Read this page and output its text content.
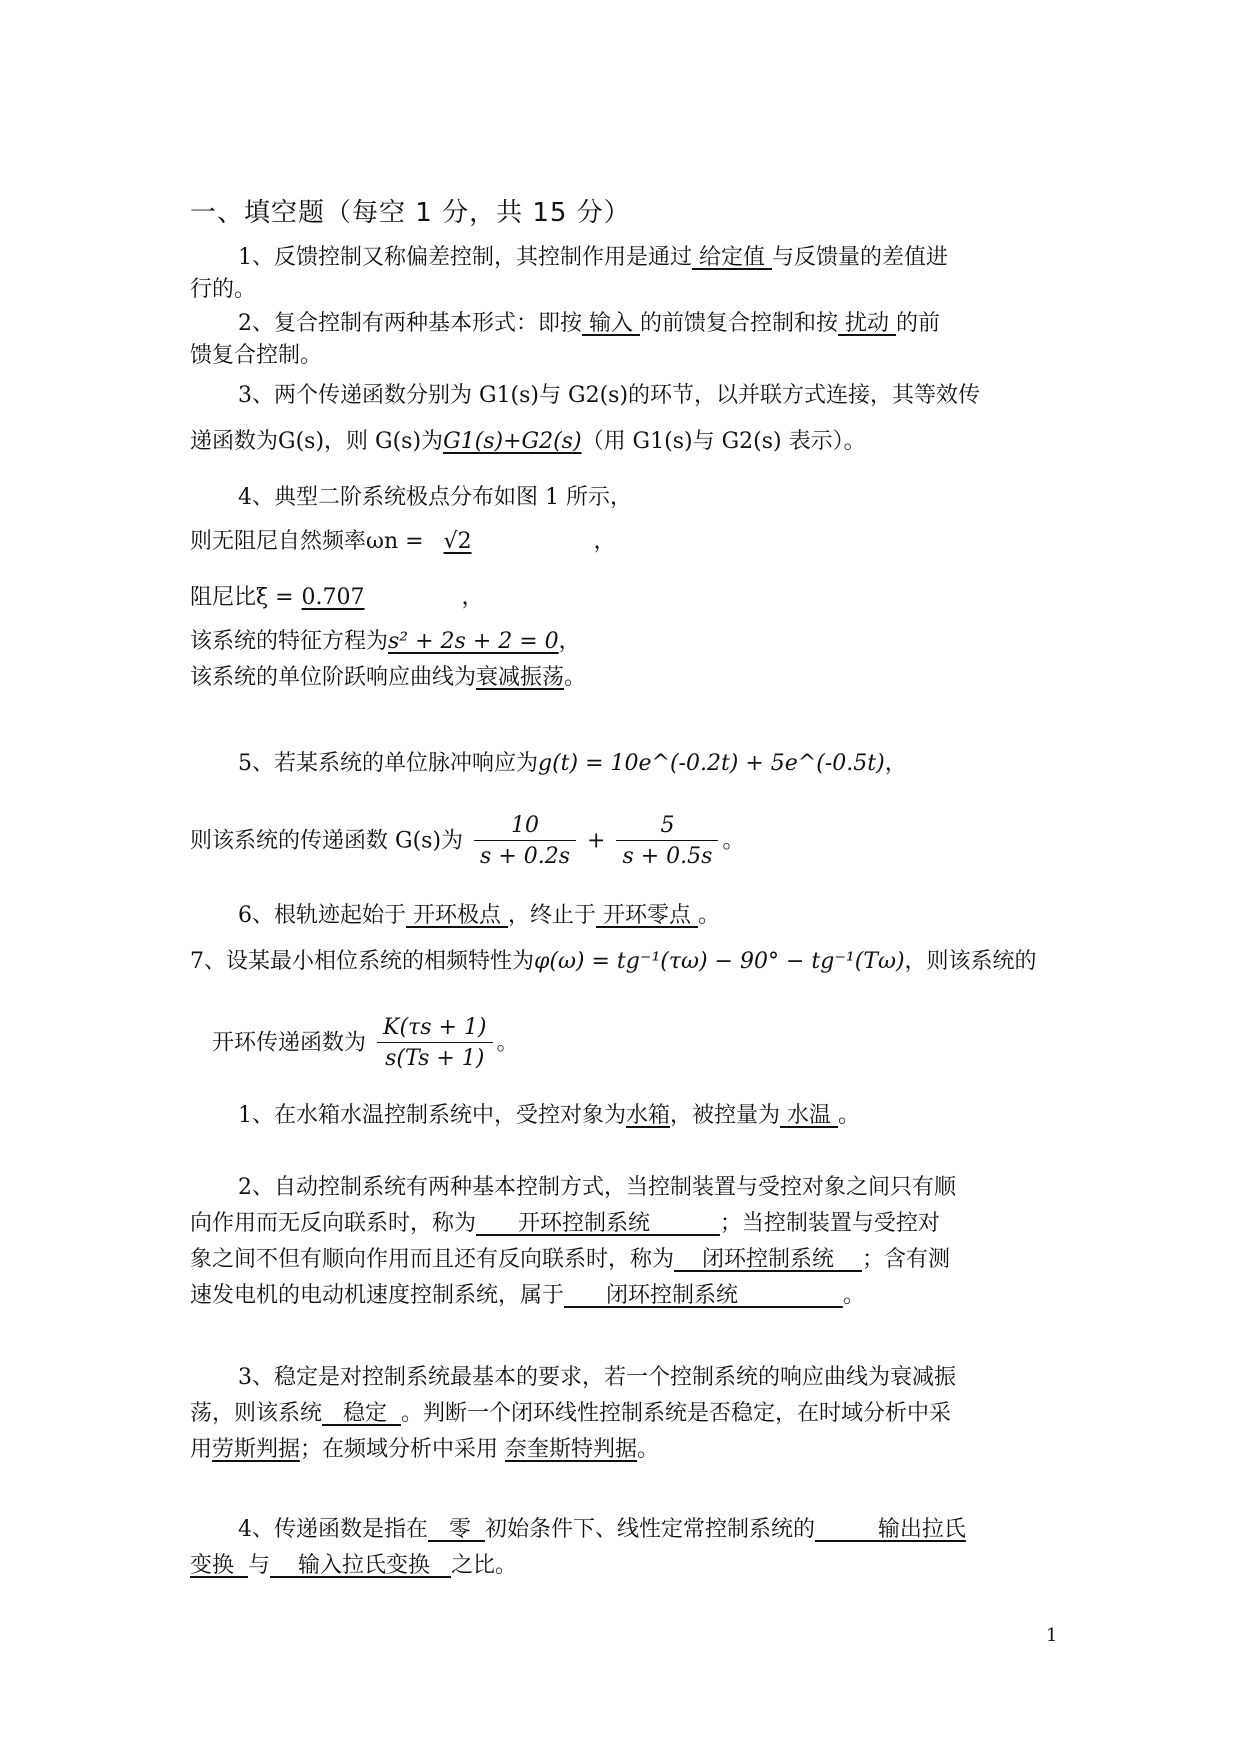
一、填空题（每空 1 分，共 15 分）
1、反馈控制又称偏差控制，其控制作用是通过 给定值 与反馈量的差值进
行的。
2、复合控制有两种基本形式：即按 输入 的前馈复合控制和按 扰动 的前
馈复合控制。
3、两个传递函数分别为 G1(s)与 G2(s)的环节，以并联方式连接，其等效传
递函数为G(s)，则 G(s)为G1(s)+G2(s)（用 G1(s)与 G2(s) 表示）。
4、典型二阶系统极点分布如图 1 所示，
则无阻尼自然频率ωn = √2	，
阻尼比ξ = 0.707	，
该系统的特征方程为s² + 2s + 2 = 0，
该系统的单位阶跃响应曲线为衰减振荡。
5、若某系统的单位脉冲响应为g(t) = 10e^(-0.2t) + 5e^(-0.5t)，
则该系统的传递函数 G(s)为 $\frac{10}{s + 0.2s} + \frac{5}{s + 0.5s}$ 。
6、根轨迹起始于 开环极点 ，终止于 开环零点 。
7、设某最小相位系统的相频特性为φ(ω) = tg⁻¹(τω) − 90° − tg⁻¹(Tω)，则该系统的
开环传递函数为 $\frac{K(\tau s + 1)}{s(Ts + 1)}$ 。
1、在水箱水温控制系统中，受控对象为水箱，被控量为 水温 。
2、自动控制系统有两种基本控制方式，当控制装置与受控对象之间只有顺
向作用而无反向联系时，称为      开环控制系统          ；当控制装置与受控对
象之间不但有顺向作用而且还有反向联系时，称为    闭环控制系统    ；含有测
速发电机的电动机速度控制系统，属于      闭环控制系统               。
3、稳定是对控制系统最基本的要求，若一个控制系统的响应曲线为衰减振
荡，则该系统   稳定  。判断一个闭环线性控制系统是否稳定，在时域分析中采
用劳斯判据；在频域分析中采用 奈奎斯特判据。
4、传递函数是指在   零  初始条件下、线性定常控制系统的         输出拉氏
变换  与    输入拉氏变换   之比。
1
